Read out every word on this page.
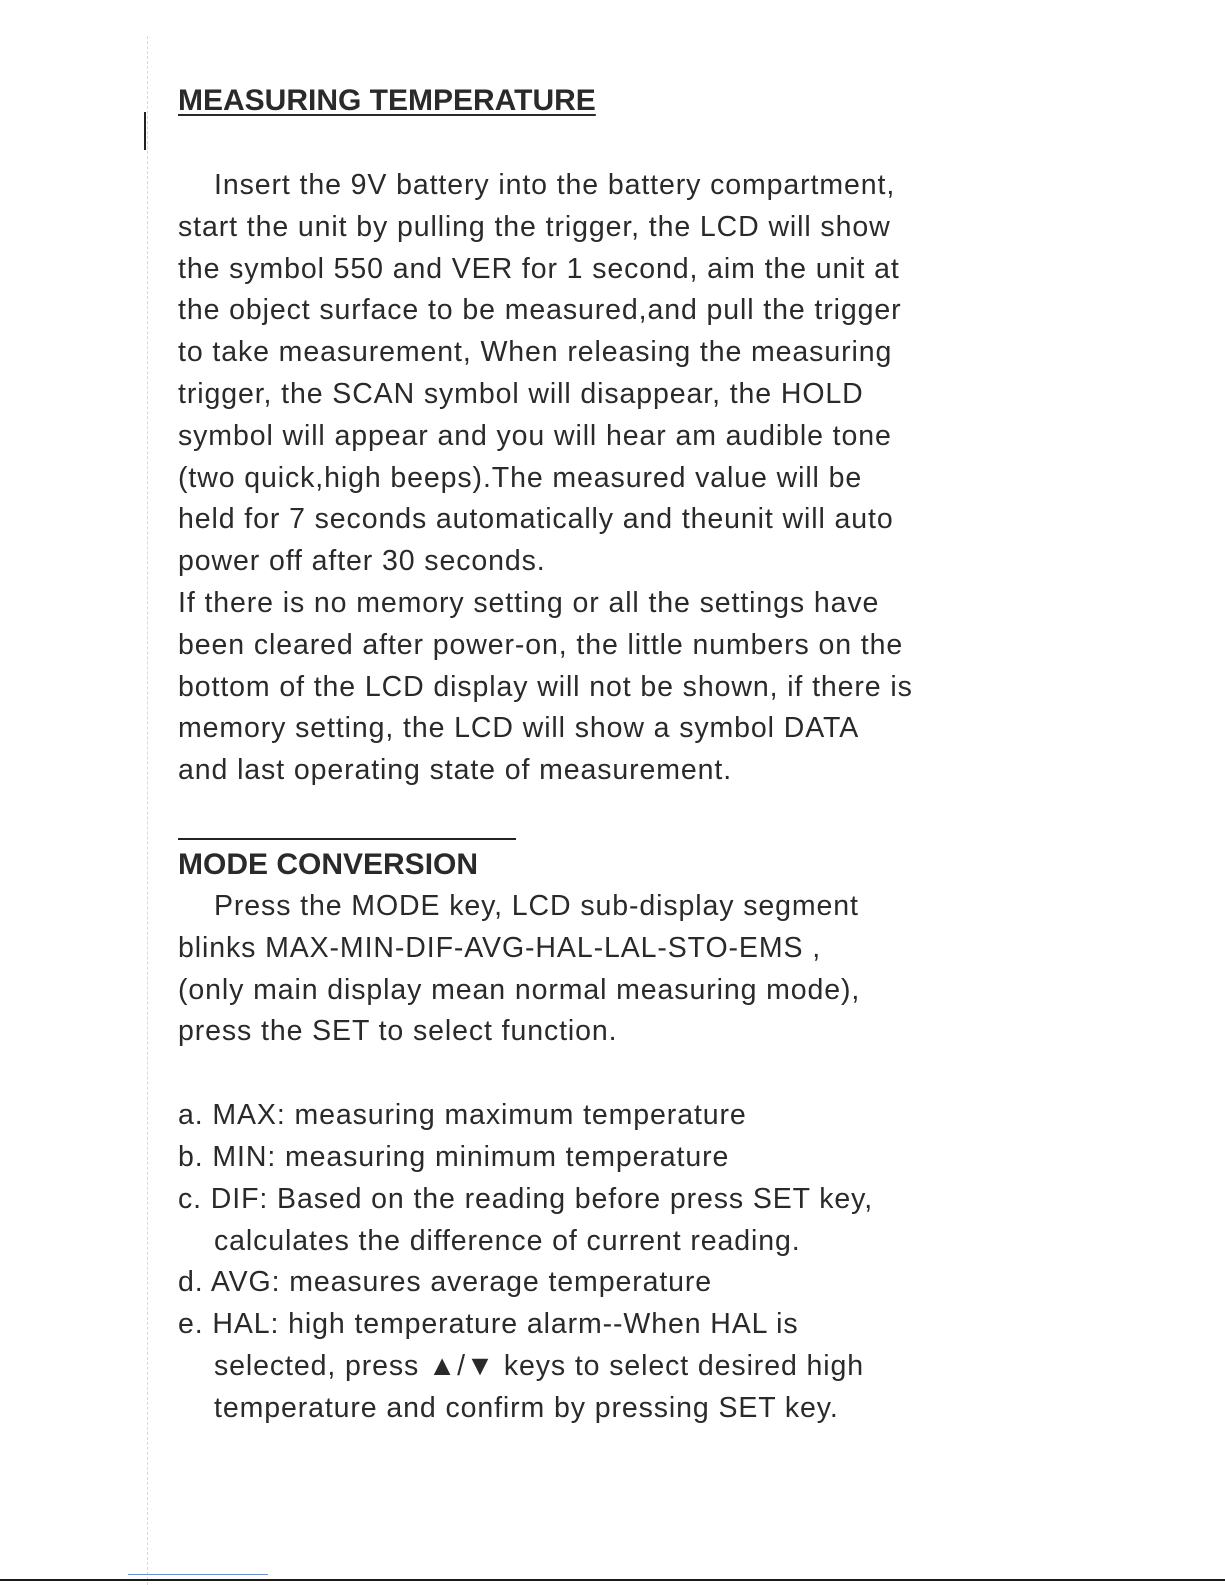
MEASURING TEMPERATURE
Insert the 9V battery into the battery compartment,
start the unit by pulling the trigger, the LCD will show
the symbol 550 and VER for 1 second, aim the unit at
the object surface to be measured,and pull the trigger
to take measurement, When releasing the measuring
trigger, the SCAN symbol will disappear, the HOLD
symbol will appear and you will hear am audible tone
(two quick,high beeps).The measured value will be
held for 7 seconds automatically and theunit will auto
power off after 30 seconds.
If there is no memory setting or all the settings have
been cleared after power-on, the little numbers on the
bottom of the LCD display will not be shown, if there is
memory setting, the LCD will show a symbol DATA
and last operating state of measurement.
MODE CONVERSION
Press the MODE key, LCD sub-display segment
blinks MAX-MIN-DIF-AVG-HAL-LAL-STO-EMS ,
(only main display mean normal measuring mode),
press the SET to select function.
a. MAX: measuring maximum temperature
b. MIN: measuring minimum temperature
c. DIF: Based on the reading before press SET key,
calculates the difference of current reading.
d. AVG: measures average temperature
e. HAL: high temperature alarm--When HAL is
selected, press ▲/▼ keys to select desired high
temperature and confirm by pressing SET key.
